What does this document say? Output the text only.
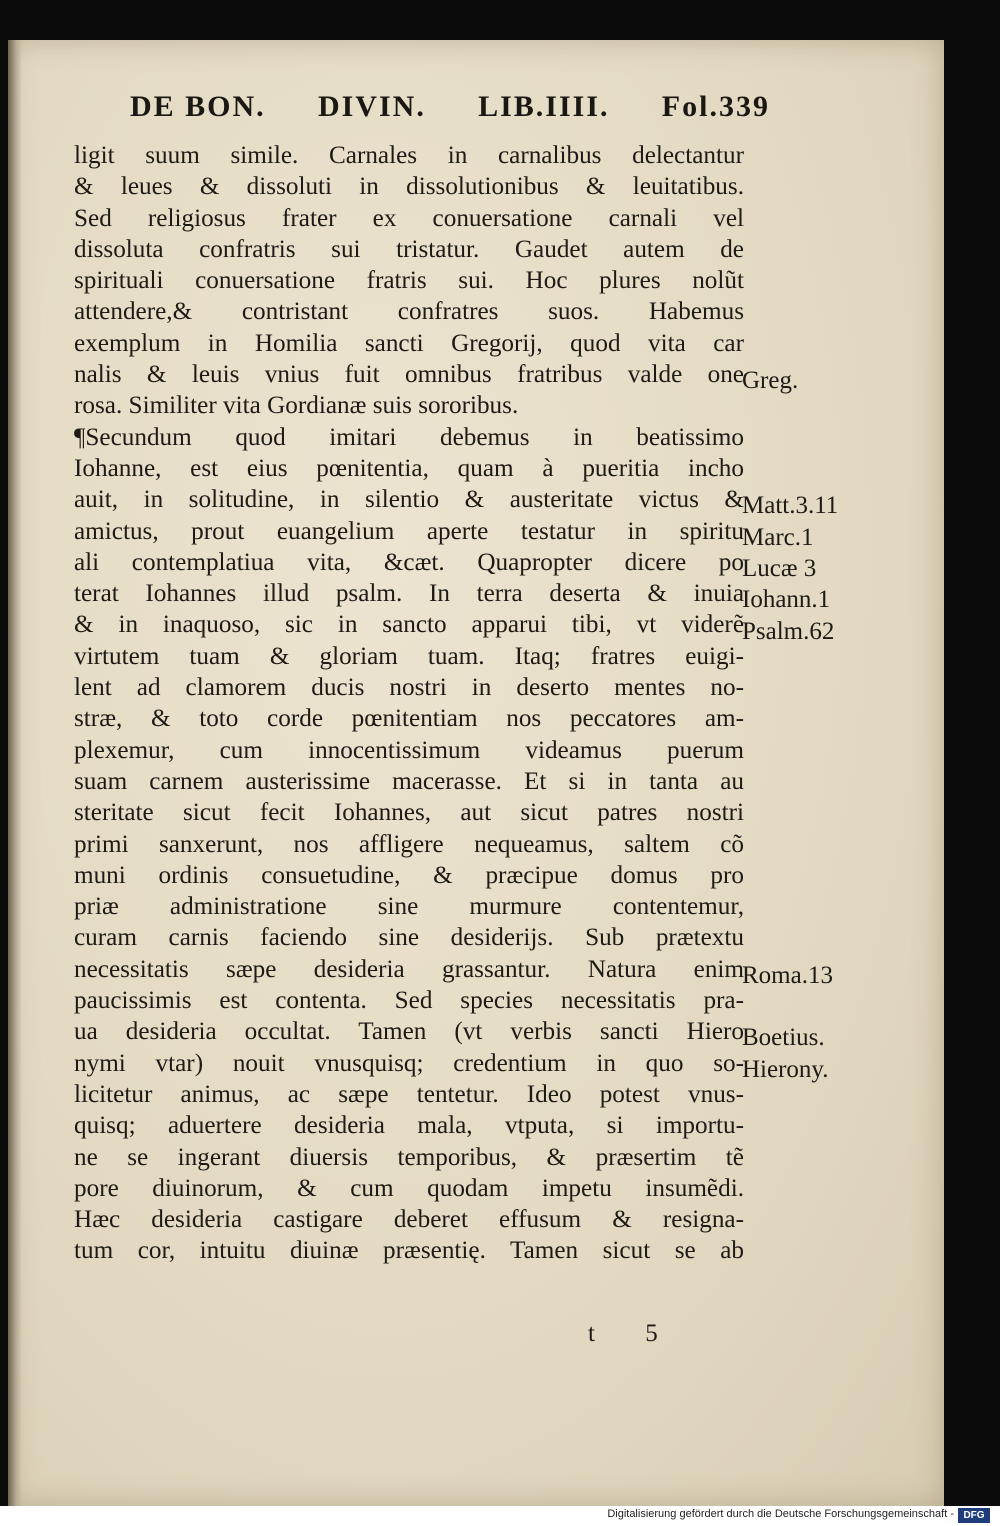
DE BON. DIVIN. LIB.IIII. Fol.339
ligit suum simile. Carnales in carnalibus delectantur
& leues & dissoluti in dissolutionibus & leuitatibus.
Sed religiosus frater ex conuersatione carnali vel
dissoluta confratris sui tristatur. Gaudet autem de
spirituali conuersatione fratris sui. Hoc plures nolũt
attendere,& contristant confratres suos. Habemus
exemplum in Homilia sancti Gregorij, quod vita car
nalis & leuis vnius fuit omnibus fratribus valde one
rosa. Similiter vita Gordianæ suis sororibus.
¶Secundum quod imitari debemus in beatissimo
Iohanne, est eius pœnitentia, quam à pueritia incho
auit, in solitudine, in silentio & austeritate victus &
amictus, prout euangelium aperte testatur in spiritu
ali contemplatiua vita, &cæt. Quapropter dicere po
terat Iohannes illud psalm. In terra deserta & inuia
& in inaquoso, sic in sancto apparui tibi, vt viderẽ
virtutem tuam & gloriam tuam. Itaq; fratres euigi-
lent ad clamorem ducis nostri in deserto mentes no-
stræ, & toto corde pœnitentiam nos peccatores am-
plexemur, cum innocentissimum videamus puerum
suam carnem austerissime macerasse. Et si in tanta au
steritate sicut fecit Iohannes, aut sicut patres nostri
primi sanxerunt, nos affligere nequeamus, saltem cõ
muni ordinis consuetudine, & præcipue domus pro
priæ administratione sine murmure contentemur,
curam carnis faciendo sine desiderijs. Sub prætextu
necessitatis sæpe desideria grassantur. Natura enim
paucissimis est contenta. Sed species necessitatis pra-
ua desideria occultat. Tamen (vt verbis sancti Hiero
nymi vtar) nouit vnusquisq; credentium in quo so-
licitetur animus, ac sæpe tentetur. Ideo potest vnus-
quisq; aduertere desideria mala, vtputa, si importu-
ne se ingerant diuersis temporibus, & præsertim tẽ
pore diuinorum, & cum quodam impetu insumẽdi.
Hæc desideria castigare deberet effusum & resigna-
tum cor, intuitu diuinæ præsentię. Tamen sicut se ab
Greg.
Matt.3.11
Marc.1
Lucæ 3
Iohann.1
Psalm.62
Roma.13
Boetius.
Hierony.
t 5
Digitalisierung gefördert durch die Deutsche Forschungsgemeinschaft - DFG
